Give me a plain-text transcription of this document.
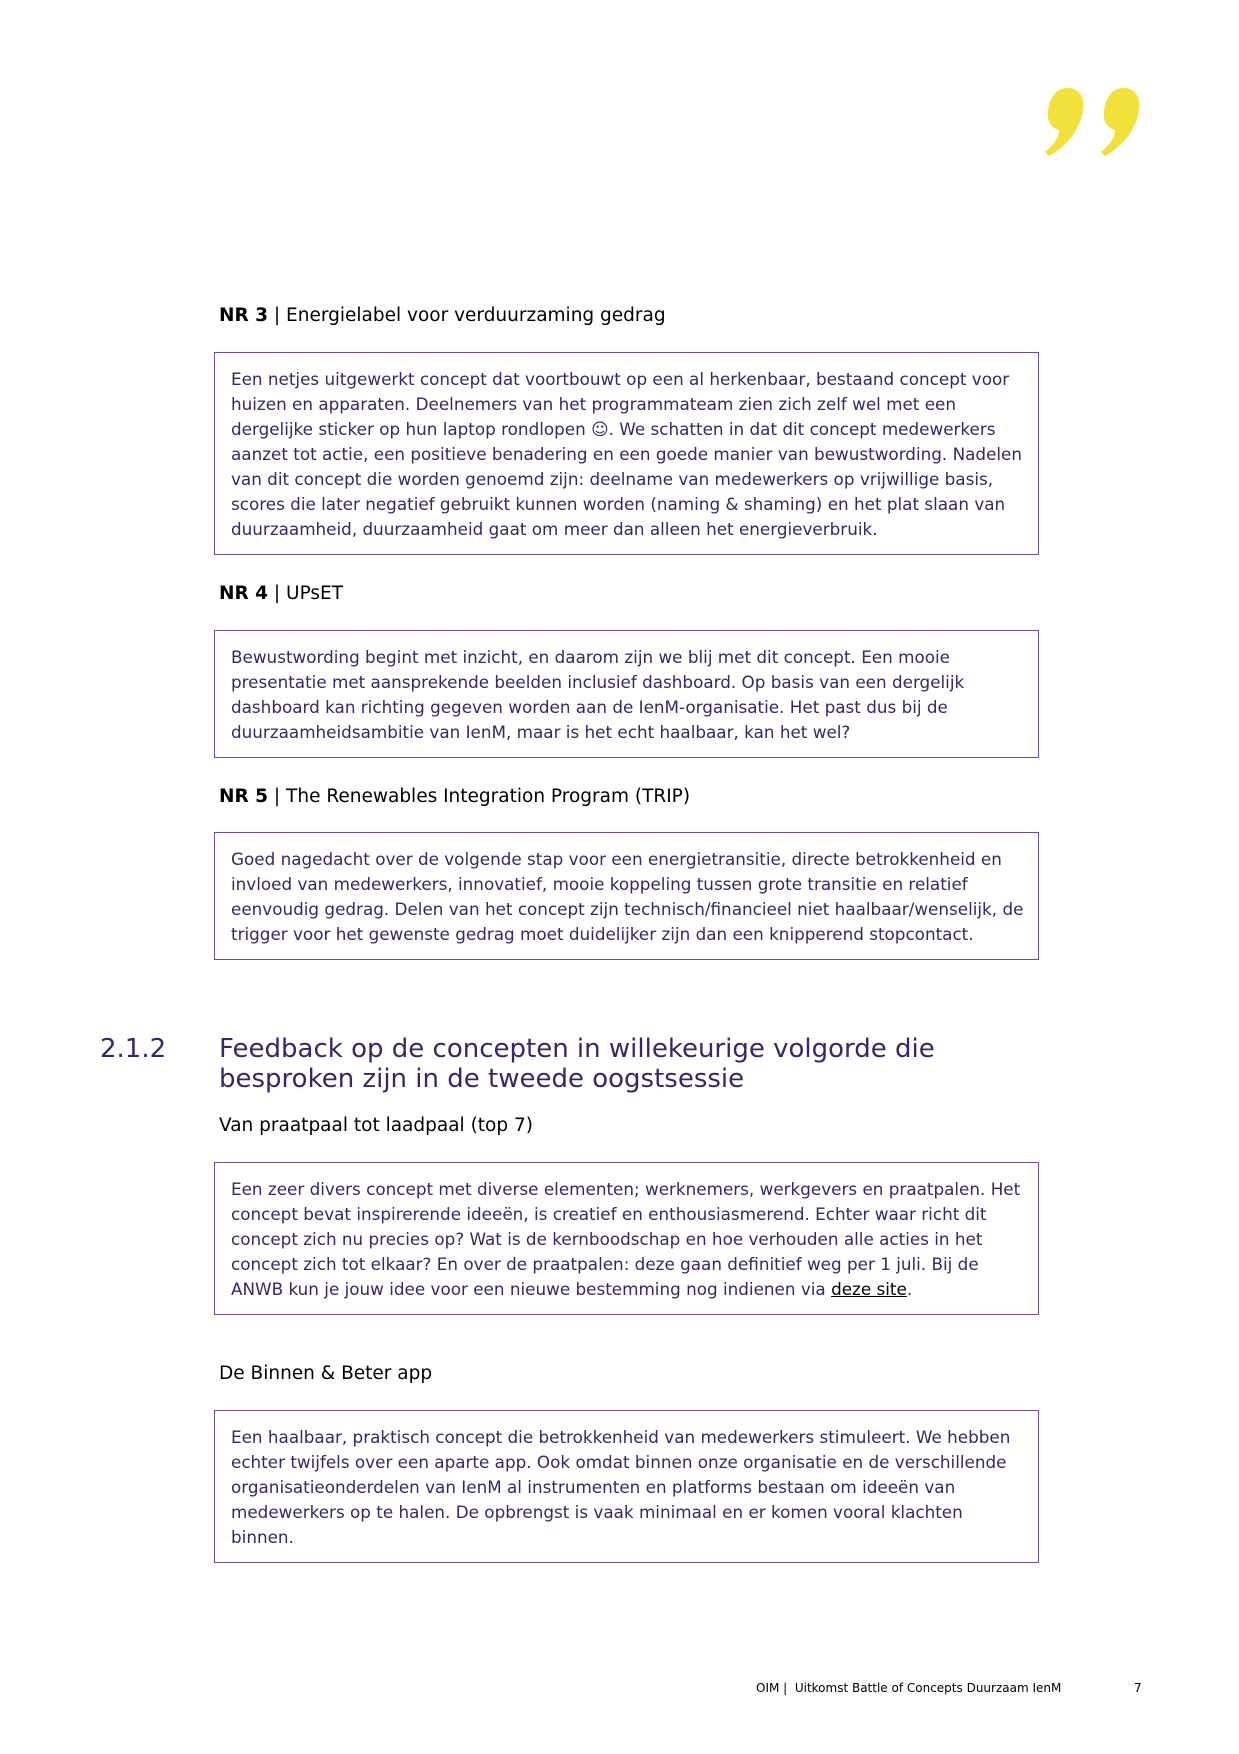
NR 3 | Energielabel voor verduurzaming gedrag
Een netjes uitgewerkt concept dat voortbouwt op een al herkenbaar, bestaand concept voor
huizen en apparaten. Deelnemers van het programmateam zien zich zelf wel met een
dergelijke sticker op hun laptop rondlopen ☺. We schatten in dat dit concept medewerkers
aanzet tot actie, een positieve benadering en een goede manier van bewustwording. Nadelen
van dit concept die worden genoemd zijn: deelname van medewerkers op vrijwillige basis,
scores die later negatief gebruikt kunnen worden (naming & shaming) en het plat slaan van
duurzaamheid, duurzaamheid gaat om meer dan alleen het energieverbruik.
NR 4 | UPsET
Bewustwording begint met inzicht, en daarom zijn we blij met dit concept. Een mooie
presentatie met aansprekende beelden inclusief dashboard. Op basis van een dergelijk
dashboard kan richting gegeven worden aan de IenM-organisatie. Het past dus bij de
duurzaamheidsambitie van IenM, maar is het echt haalbaar, kan het wel?
NR 5 | The Renewables Integration Program (TRIP)
Goed nagedacht over de volgende stap voor een energietransitie, directe betrokkenheid en
invloed van medewerkers, innovatief, mooie koppeling tussen grote transitie en relatief
eenvoudig gedrag. Delen van het concept zijn technisch/financieel niet haalbaar/wenselijk, de
trigger voor het gewenste gedrag moet duidelijker zijn dan een knipperend stopcontact.
2.1.2 Feedback op de concepten in willekeurige volgorde die
besproken zijn in de tweede oogstsessie
Van praatpaal tot laadpaal (top 7)
Een zeer divers concept met diverse elementen; werknemers, werkgevers en praatpalen. Het
concept bevat inspirerende ideeën, is creatief en enthousiasmerend. Echter waar richt dit
concept zich nu precies op? Wat is de kernboodschap en hoe verhouden alle acties in het
concept zich tot elkaar? En over de praatpalen: deze gaan definitief weg per 1 juli. Bij de
ANWB kun je jouw idee voor een nieuwe bestemming nog indienen via deze site.
De Binnen & Beter app
Een haalbaar, praktisch concept die betrokkenheid van medewerkers stimuleert. We hebben
echter twijfels over een aparte app. Ook omdat binnen onze organisatie en de verschillende
organisatieonderdelen van IenM al instrumenten en platforms bestaan om ideeën van
medewerkers op te halen. De opbrengst is vaak minimaal en er komen vooral klachten
binnen.
OIM |  Uitkomst Battle of Concepts Duurzaam IenM	7
